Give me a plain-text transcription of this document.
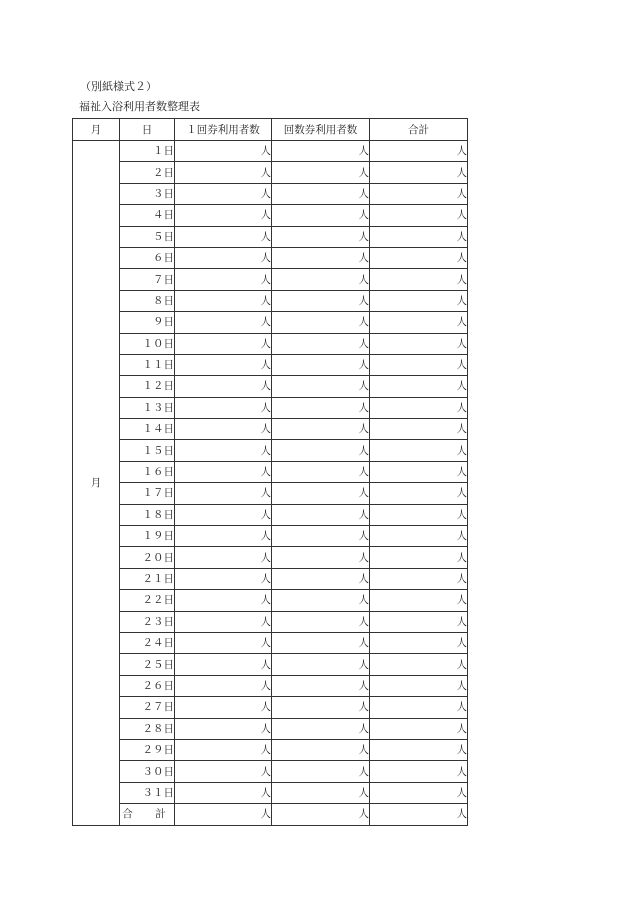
（別紙様式２）
福祉入浴利用者数整理表
月	日	１回券利用者数	回数券利用者数	合計
月	１日	人	人	人
	２日	人	人	人
	３日	人	人	人
	４日	人	人	人
	５日	人	人	人
	６日	人	人	人
	７日	人	人	人
	８日	人	人	人
	９日	人	人	人
	１０日	人	人	人
	１１日	人	人	人
	１２日	人	人	人
	１３日	人	人	人
	１４日	人	人	人
	１５日	人	人	人
	１６日	人	人	人
	１７日	人	人	人
	１８日	人	人	人
	１９日	人	人	人
	２０日	人	人	人
	２１日	人	人	人
	２２日	人	人	人
	２３日	人	人	人
	２４日	人	人	人
	２５日	人	人	人
	２６日	人	人	人
	２７日	人	人	人
	２８日	人	人	人
	２９日	人	人	人
	３０日	人	人	人
	３１日	人	人	人
	合　計	人	人	人
